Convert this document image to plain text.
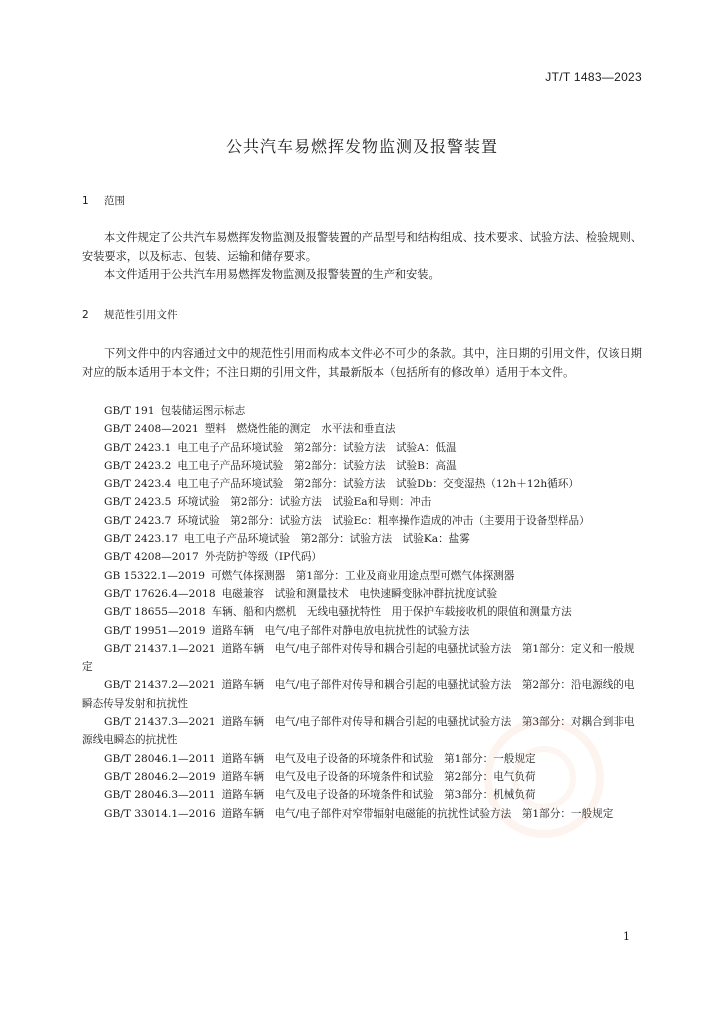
JT/T 1483—2023
公共汽车易燃挥发物监测及报警装置
1 范围

本文件规定了公共汽车易燃挥发物监测及报警装置的产品型号和结构组成、技术要求、试验方法、检验规则、安装要求，以及标志、包装、运输和储存要求。

本文件适用于公共汽车用易燃挥发物监测及报警装置的生产和安装。

2 规范性引用文件

下列文件中的内容通过文中的规范性引用而构成本文件必不可少的条款。其中，注日期的引用文件，仅该日期对应的版本适用于本文件；不注日期的引用文件，其最新版本（包括所有的修改单）适用于本文件。

GB/T 191 包装储运图示标志

GB/T 2408—2021 塑料　燃烧性能的测定　水平法和垂直法

GB/T 2423.1 电工电子产品环境试验　第2部分：试验方法　试验A：低温

GB/T 2423.2 电工电子产品环境试验　第2部分：试验方法　试验B：高温

GB/T 2423.4 电工电子产品环境试验　第2部分：试验方法　试验Db：交变湿热（12h＋12h循环）

GB/T 2423.5 环境试验　第2部分：试验方法　试验Ea和导则：冲击

GB/T 2423.7 环境试验　第2部分：试验方法　试验Ec：粗率操作造成的冲击（主要用于设备型样品）

GB/T 2423.17 电工电子产品环境试验　第2部分：试验方法　试验Ka：盐雾

GB/T 4208—2017 外壳防护等级（IP代码）

GB 15322.1—2019 可燃气体探测器　第1部分：工业及商业用途点型可燃气体探测器

GB/T 17626.4—2018 电磁兼容　试验和测量技术　电快速瞬变脉冲群抗扰度试验

GB/T 18655—2018 车辆、船和内燃机　无线电骚扰特性　用于保护车载接收机的限值和测量方法

GB/T 19951—2019 道路车辆　电气/电子部件对静电放电抗扰性的试验方法

GB/T 21437.1—2021 道路车辆　电气/电子部件对传导和耦合引起的电骚扰试验方法　第1部分：定义和一般规定

GB/T 21437.2—2021 道路车辆　电气/电子部件对传导和耦合引起的电骚扰试验方法　第2部分：沿电源线的电瞬态传导发射和抗扰性

GB/T 21437.3—2021 道路车辆　电气/电子部件对传导和耦合引起的电骚扰试验方法　第3部分：对耦合到非电源线电瞬态的抗扰性

GB/T 28046.1—2011 道路车辆　电气及电子设备的环境条件和试验　第1部分：一般规定

GB/T 28046.2—2019 道路车辆　电气及电子设备的环境条件和试验　第2部分：电气负荷

GB/T 28046.3—2011 道路车辆　电气及电子设备的环境条件和试验　第3部分：机械负荷

GB/T 33014.1—2016 道路车辆　电气/电子部件对窄带辐射电磁能的抗扰性试验方法　第1部分：一般规定

1
